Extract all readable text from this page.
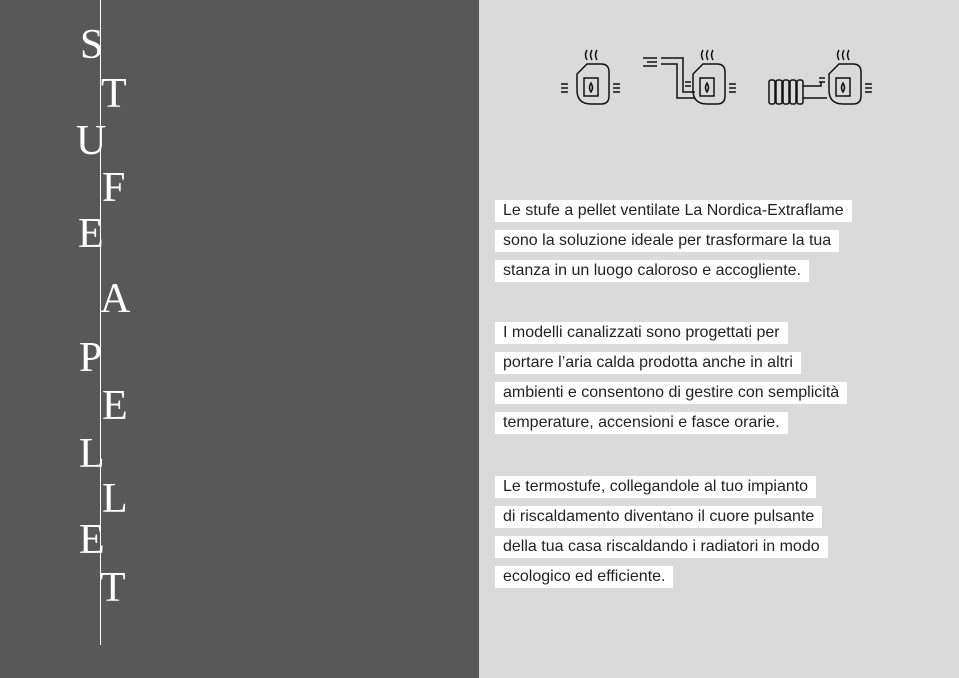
S
T
U
F
E
A
P
E
L
L
E
T
Le stufe a pellet ventilate La Nordica-Extraflame
sono la soluzione ideale per trasformare la tua
stanza in un luogo caloroso e accogliente.
I modelli canalizzati sono progettati per
portare l’aria calda prodotta anche in altri
ambienti e consentono di gestire con semplicità
temperature, accensioni e fasce orarie.
Le termostufe, collegandole al tuo impianto
di riscaldamento diventano il cuore pulsante
della tua casa riscaldando i radiatori in modo
ecologico ed efficiente.
